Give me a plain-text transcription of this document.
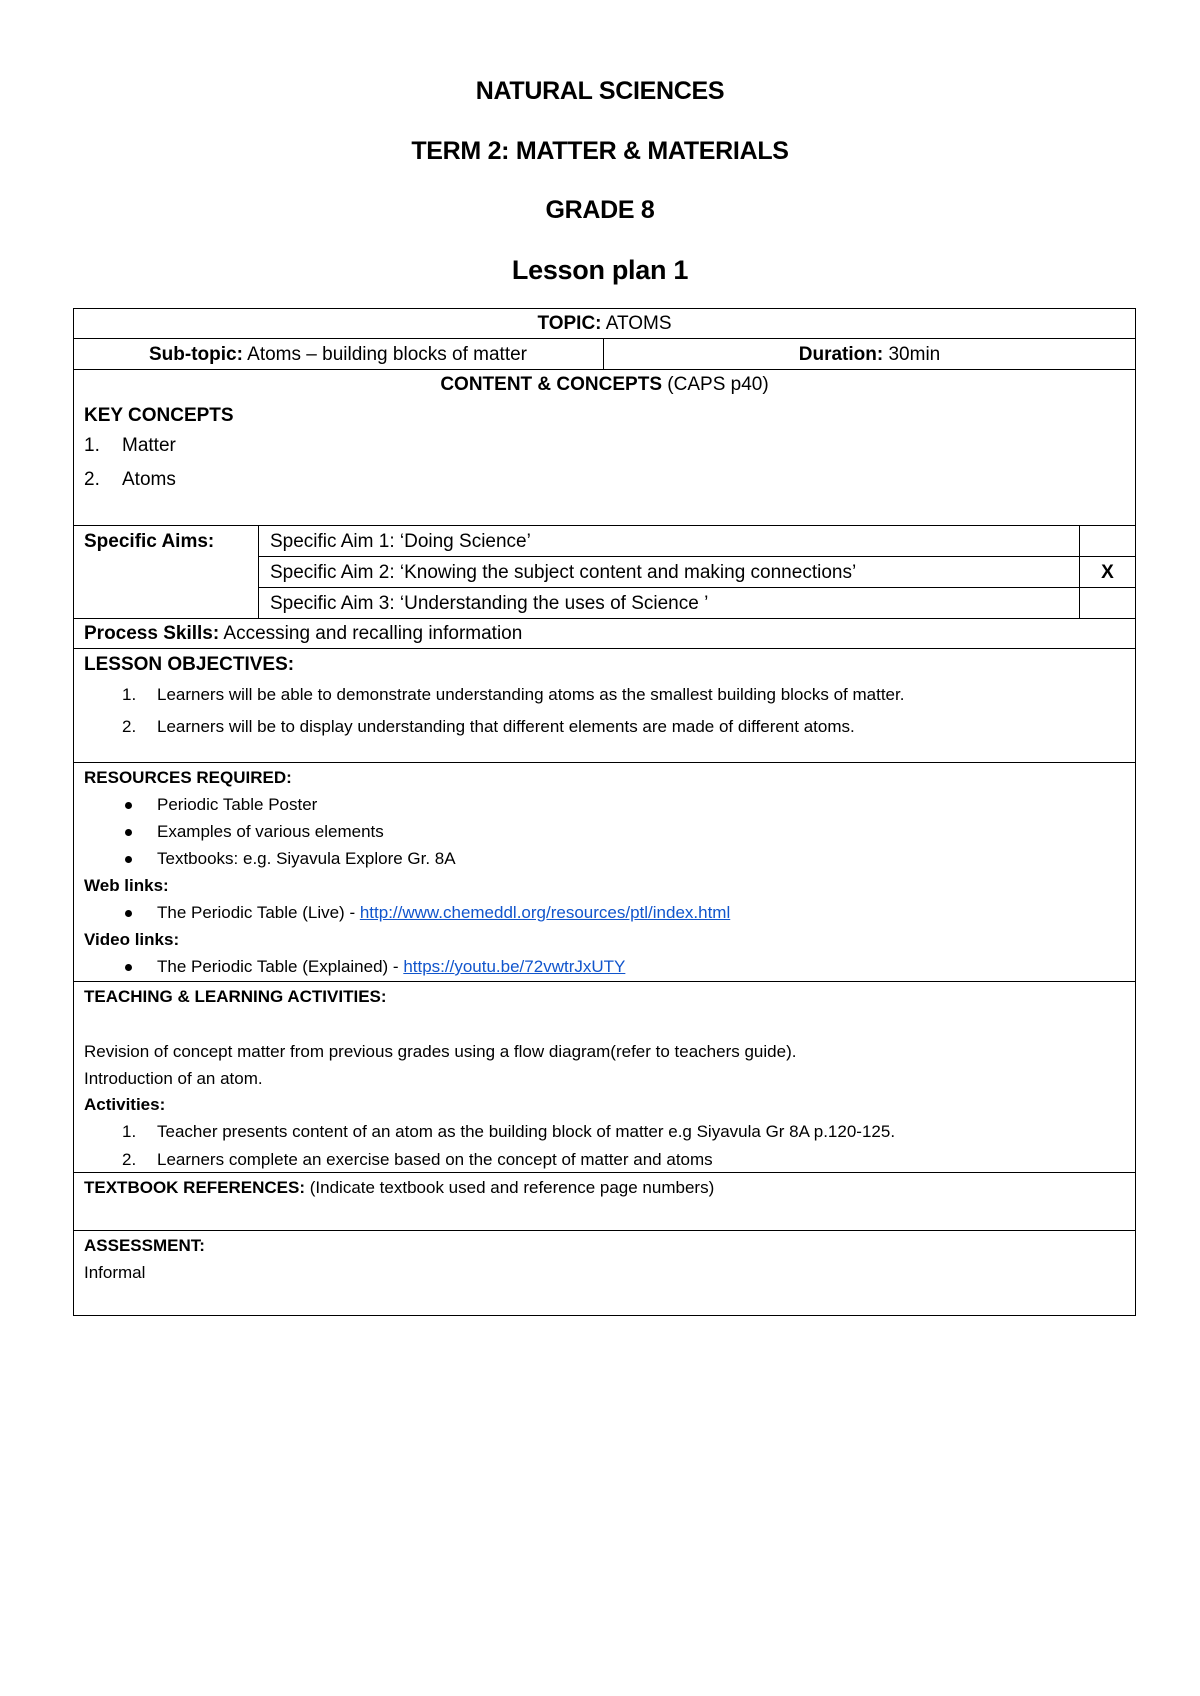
NATURAL SCIENCES
TERM 2: MATTER & MATERIALS
GRADE 8
Lesson plan 1
TOPIC: ATOMS
Sub-topic: Atoms – building blocks of matter	Duration: 30min
CONTENT & CONCEPTS (CAPS p40)
KEY CONCEPTS
1. Matter
2. Atoms
Specific Aims:	Specific Aim 1: ‘Doing Science’
Specific Aim 2: ‘Knowing the subject content and making connections’	X
Specific Aim 3: ‘Understanding the uses of Science ’
Process Skills: Accessing and recalling information
LESSON OBJECTIVES:
1. Learners will be able to demonstrate understanding atoms as the smallest building blocks of matter.
2. Learners will be to display understanding that different elements are made of different atoms.
RESOURCES REQUIRED:
Periodic Table Poster
Examples of various elements
Textbooks: e.g. Siyavula Explore Gr. 8A
Web links:
The Periodic Table (Live) - http://www.chemeddl.org/resources/ptl/index.html
Video links:
The Periodic Table (Explained) - https://youtu.be/72vwtrJxUTY
TEACHING & LEARNING ACTIVITIES:
Revision of concept matter from previous grades using a flow diagram(refer to teachers guide).
Introduction of an atom.
Activities:
1. Teacher presents content of an atom as the building block of matter e.g Siyavula Gr 8A p.120-125.
2. Learners complete an exercise based on the concept of matter and atoms
TEXTBOOK REFERENCES: (Indicate textbook used and reference page numbers)
ASSESSMENT:
Informal
